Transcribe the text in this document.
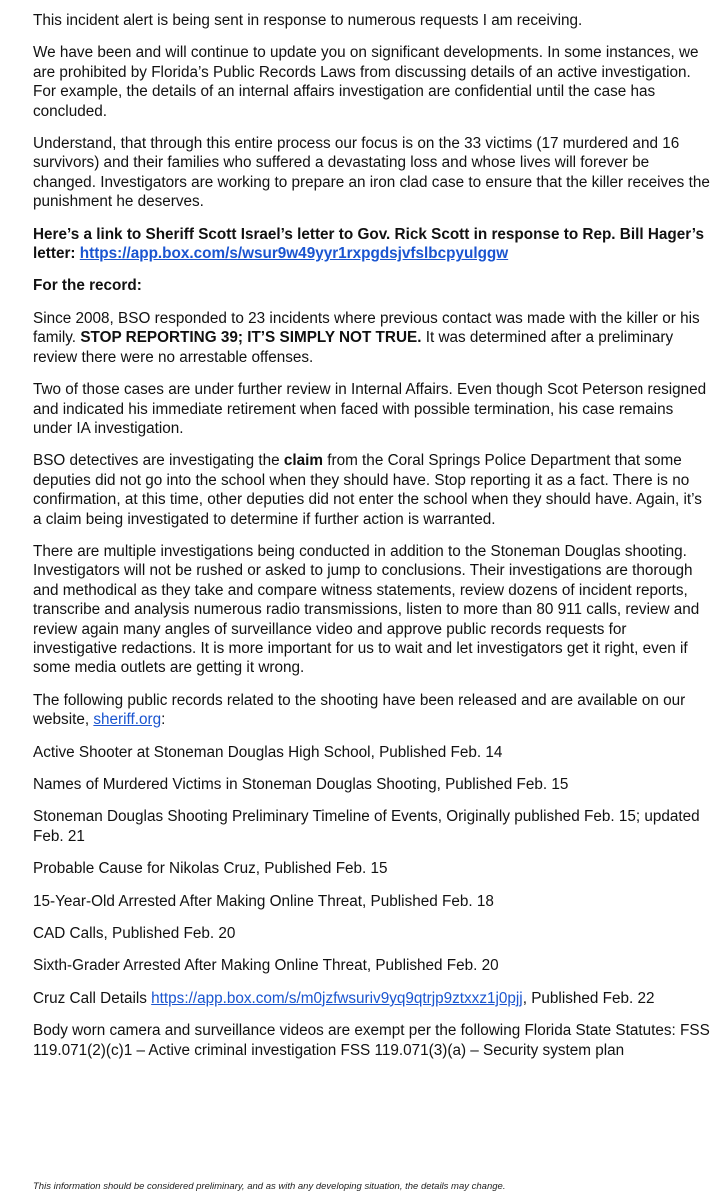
This incident alert is being sent in response to numerous requests I am receiving.

We have been and will continue to update you on significant developments. In some instances, we are prohibited by Florida’s Public Records Laws from discussing details of an active investigation. For example, the details of an internal affairs investigation are confidential until the case has concluded.

Understand, that through this entire process our focus is on the 33 victims (17 murdered and 16 survivors) and their families who suffered a devastating loss and whose lives will forever be changed. Investigators are working to prepare an iron clad case to ensure that the killer receives the punishment he deserves.

Here’s a link to Sheriff Scott Israel’s letter to Gov. Rick Scott in response to Rep. Bill Hager’s letter: https://app.box.com/s/wsur9w49yyr1rxpgdsjvfslbcpyulggw

For the record:

Since 2008, BSO responded to 23 incidents where previous contact was made with the killer or his family. STOP REPORTING 39; IT’S SIMPLY NOT TRUE. It was determined after a preliminary review there were no arrestable offenses.

Two of those cases are under further review in Internal Affairs. Even though Scot Peterson resigned and indicated his immediate retirement when faced with possible termination, his case remains under IA investigation.

BSO detectives are investigating the claim from the Coral Springs Police Department that some deputies did not go into the school when they should have. Stop reporting it as a fact. There is no confirmation, at this time, other deputies did not enter the school when they should have. Again, it’s a claim being investigated to determine if further action is warranted.

There are multiple investigations being conducted in addition to the Stoneman Douglas shooting. Investigators will not be rushed or asked to jump to conclusions. Their investigations are thorough and methodical as they take and compare witness statements, review dozens of incident reports, transcribe and analysis numerous radio transmissions, listen to more than 80 911 calls, review and review again many angles of surveillance video and approve public records requests for investigative redactions. It is more important for us to wait and let investigators get it right, even if some media outlets are getting it wrong.

The following public records related to the shooting have been released and are available on our website, sheriff.org:

Active Shooter at Stoneman Douglas High School, Published Feb. 14

Names of Murdered Victims in Stoneman Douglas Shooting, Published Feb. 15

Stoneman Douglas Shooting Preliminary Timeline of Events, Originally published Feb. 15; updated Feb. 21

Probable Cause for Nikolas Cruz, Published Feb. 15

15-Year-Old Arrested After Making Online Threat, Published Feb. 18

CAD Calls, Published Feb. 20

Sixth-Grader Arrested After Making Online Threat, Published Feb. 20

Cruz Call Details https://app.box.com/s/m0jzfwsuriv9yq9qtrjp9ztxxz1j0pjj, Published Feb. 22

Body worn camera and surveillance videos are exempt per the following Florida State Statutes: FSS 119.071(2)(c)1 – Active criminal investigation FSS 119.071(3)(a) – Security system plan

This information should be considered preliminary, and as with any developing situation, the details may change.
